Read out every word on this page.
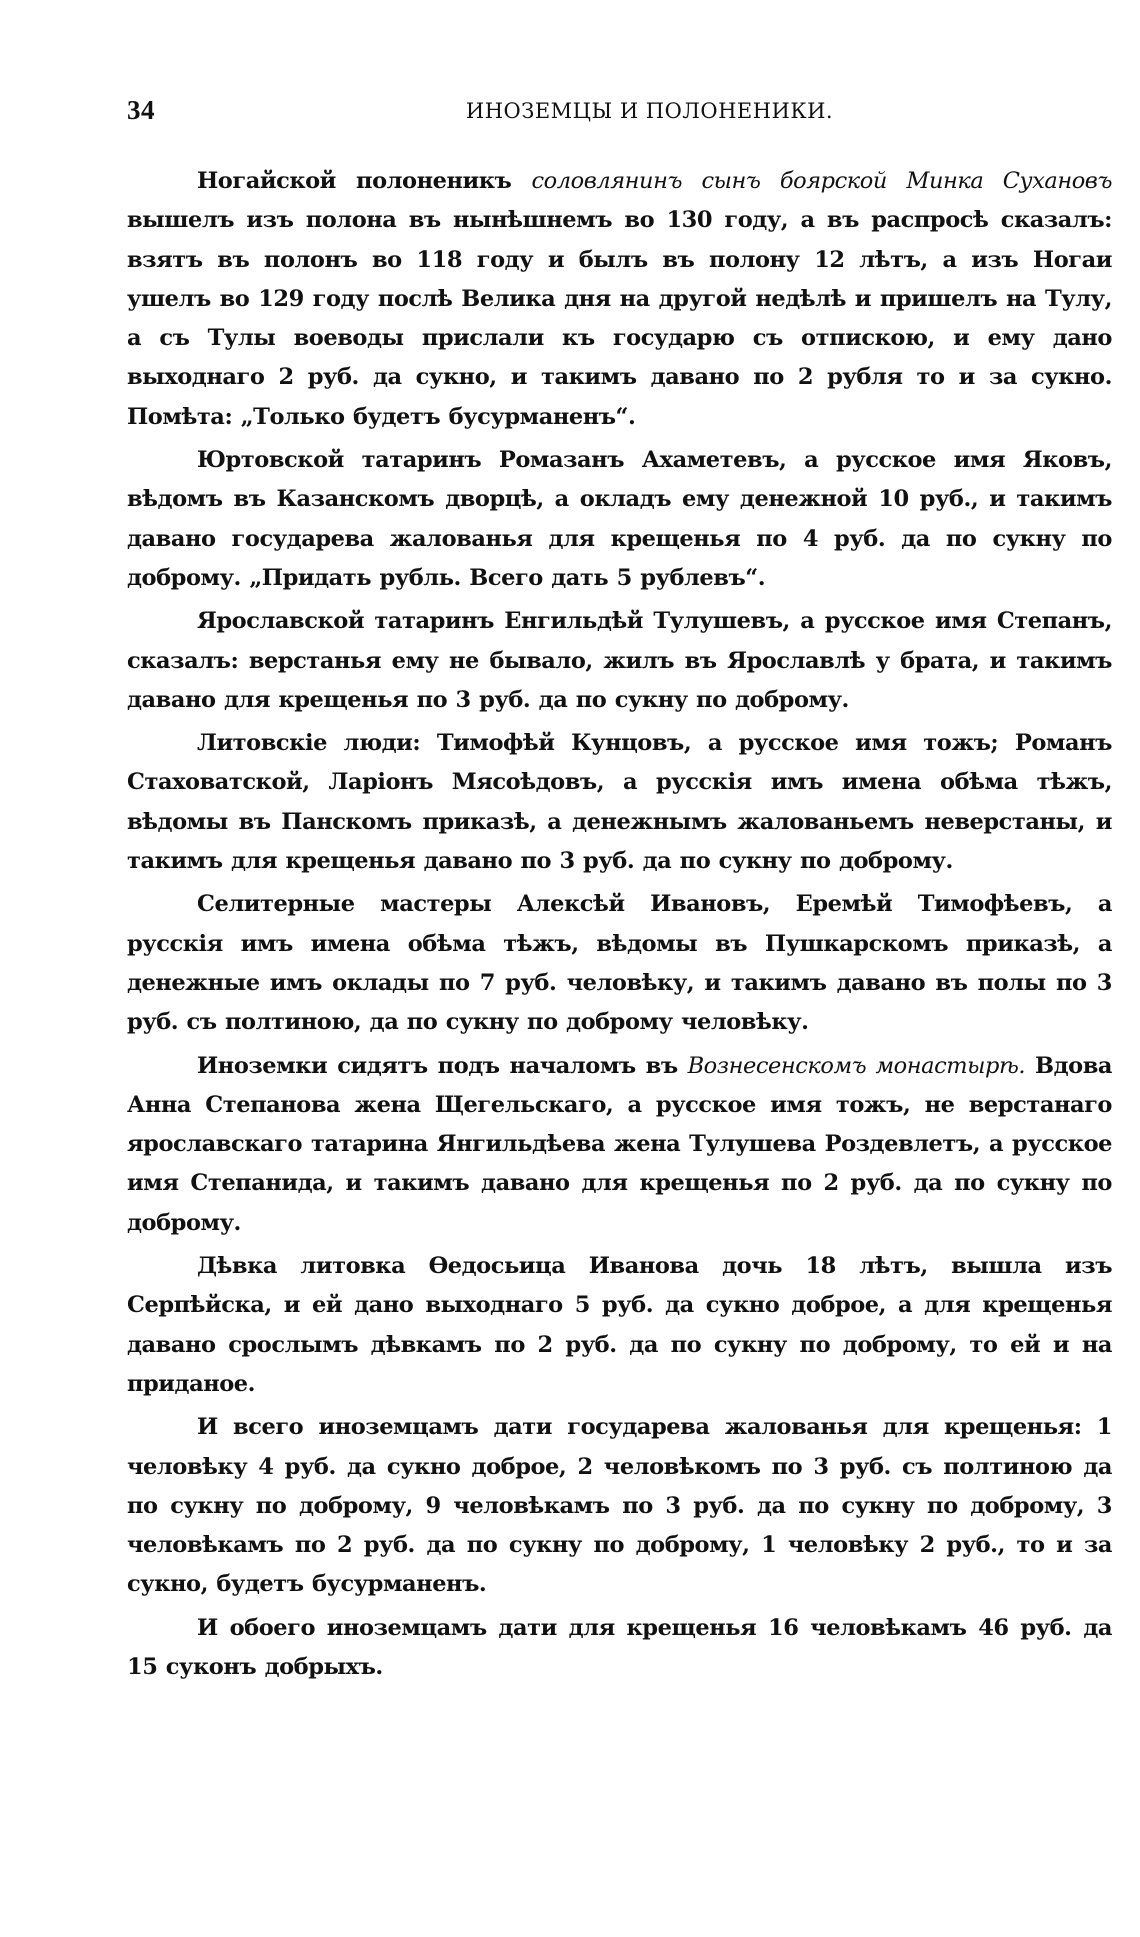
34	ИНОЗЕМЦЫ И ПОЛОНЕНИКИ.

Ногайской полоненикъ соловлянинъ сынъ боярской Минка Сухановъ вышелъ изъ полона въ нынѣшнемъ во 130 году, а въ распросѣ сказалъ: взятъ въ полонъ во 118 году и былъ въ полону 12 лѣтъ, а изъ Ногаи ушелъ во 129 году послѣ Велика дня на другой недѣлѣ и пришелъ на Тулу, а съ Тулы воеводы прислали къ государю съ отпискою, и ему дано выходнаго 2 руб. да сукно, и такимъ давано по 2 рубля то и за сукно. Помѣта: „Только будетъ бусурманенъ“.

Юртовской татаринъ Ромазанъ Ахаметевъ, а русское имя Яковъ, вѣдомъ въ Казанскомъ дворцѣ, а окладъ ему денежной 10 руб., и такимъ давано государева жалованья для крещенья по 4 руб. да по сукну по доброму. „Придать рубль. Всего дать 5 рублевъ“.

Ярославской татаринъ Енгильдѣй Тулушевъ, а русское имя Степанъ, сказалъ: верстанья ему не бывало, жилъ въ Ярославлѣ у брата, и такимъ давано для крещенья по 3 руб. да по сукну по доброму.

Литовскіе люди: Тимофѣй Кунцовъ, а русское имя тожъ; Романъ Стаховатской, Ларіонъ Мясоѣдовъ, а русскія имъ имена обѣма тѣжъ, вѣдомы въ Панскомъ приказѣ, а денежнымъ жалованьемъ неверстаны, и такимъ для крещенья давано по 3 руб. да по сукну по доброму.

Селитерные мастеры Алексѣй Ивановъ, Еремѣй Тимофѣевъ, а русскія имъ имена обѣма тѣжъ, вѣдомы въ Пушкарскомъ приказѣ, а денежные имъ оклады по 7 руб. человѣку, и такимъ давано въ полы по 3 руб. съ полтиною, да по сукну по доброму человѣку.

Иноземки сидятъ подъ началомъ въ Вознесенскомъ монастырѣ. Вдова Анна Степанова жена Щегельскаго, а русское имя тожъ, не верстанаго ярославскаго татарина Янгильдѣева жена Тулушева Роздевлетъ, а русское имя Степанида, и такимъ давано для крещенья по 2 руб. да по сукну по доброму.

Дѣвка литовка Ѳедосьица Иванова дочь 18 лѣтъ, вышла изъ Серпѣйска, и ей дано выходнаго 5 руб. да сукно доброе, а для крещенья давано срослымъ дѣвкамъ по 2 руб. да по сукну по доброму, то ей и на приданое.

И всего иноземцамъ дати государева жалованья для крещенья: 1 человѣку 4 руб. да сукно доброе, 2 человѣкомъ по 3 руб. съ полтиною да по сукну по доброму, 9 человѣкамъ по 3 руб. да по сукну по доброму, 3 человѣкамъ по 2 руб. да по сукну по доброму, 1 человѣку 2 руб., то и за сукно, будетъ бусурманенъ.

И обоего иноземцамъ дати для крещенья 16 человѣкамъ 46 руб. да 15 суконъ добрыхъ.
